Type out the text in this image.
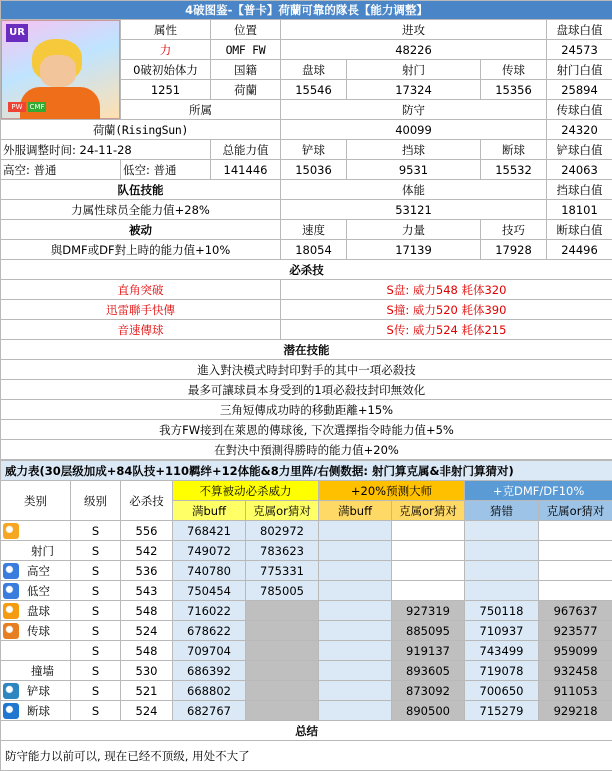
4破图鉴-【普卡】荷蘭可靠的隊長【能力调整】						

UR
PW CMF	属性	位置	进攻			盘球白值
	力	OMF FW	48226			24573
	0破初始体力	国籍	盘球	射门	传球	射门白值
	1251	荷蘭	15546	17324	15356	25894
	所属		防守			传球白值
荷蘭(RisingSun)			40099			24320
外服调整时间: 24-11-28		总能力值	铲球	挡球	断球	铲球白值
高空: 普通	低空: 普通	141446	15036	9531	15532	24063
队伍技能			体能			挡球白值
力属性球员全能力值+28%			53121			18101
被动			速度	力量	技巧	断球白值
與DMF或DF對上時的能力值+10%			18054	17139	17928	24496
必杀技						
直角突破			S盘: 威力548 耗体320			
迅雷聯手快傳			S撞: 威力520 耗体390			
音速傳球			S传: 威力524 耗体215			
潜在技能						
進入對決模式時封印對手的其中一項必殺技						
最多可讓球員本身受到的1項必殺技封印無效化						
三角短傳成功時的移動距離+15%						
我方FW接到在萊恩的傳球後, 下次選擇指令時能力值+5%						
在對決中預測得勝時的能力值+20%						
威力表(30层级加成+84队技+110羁绊+12体能&8力里阵/右侧数据: 射门算克属&非射门算猜对)								
类别	级别	必杀技	不算被动必杀威力		+20%预测大师		+克DMF/DF10%	
			满buff	克属or猜对	满buff	克属or猜对	猜错	克属or猜对
	S	556	768421	802972				
射门	S	542	749072	783623				
高空	S	536	740780	775331				
低空	S	543	750454	785005				
盘球	S	548	716022			927319	750118	967637
传球	S	524	678622			885095	710937	923577
	S	548	709704			919137	743499	959099
撞墙	S	530	686392			893605	719078	932458
铲球	S	521	668802			873092	700650	911053
断球	S	524	682767			890500	715279	929218
总结								
防守能力以前可以, 现在已经不顶级, 用处不大了								
